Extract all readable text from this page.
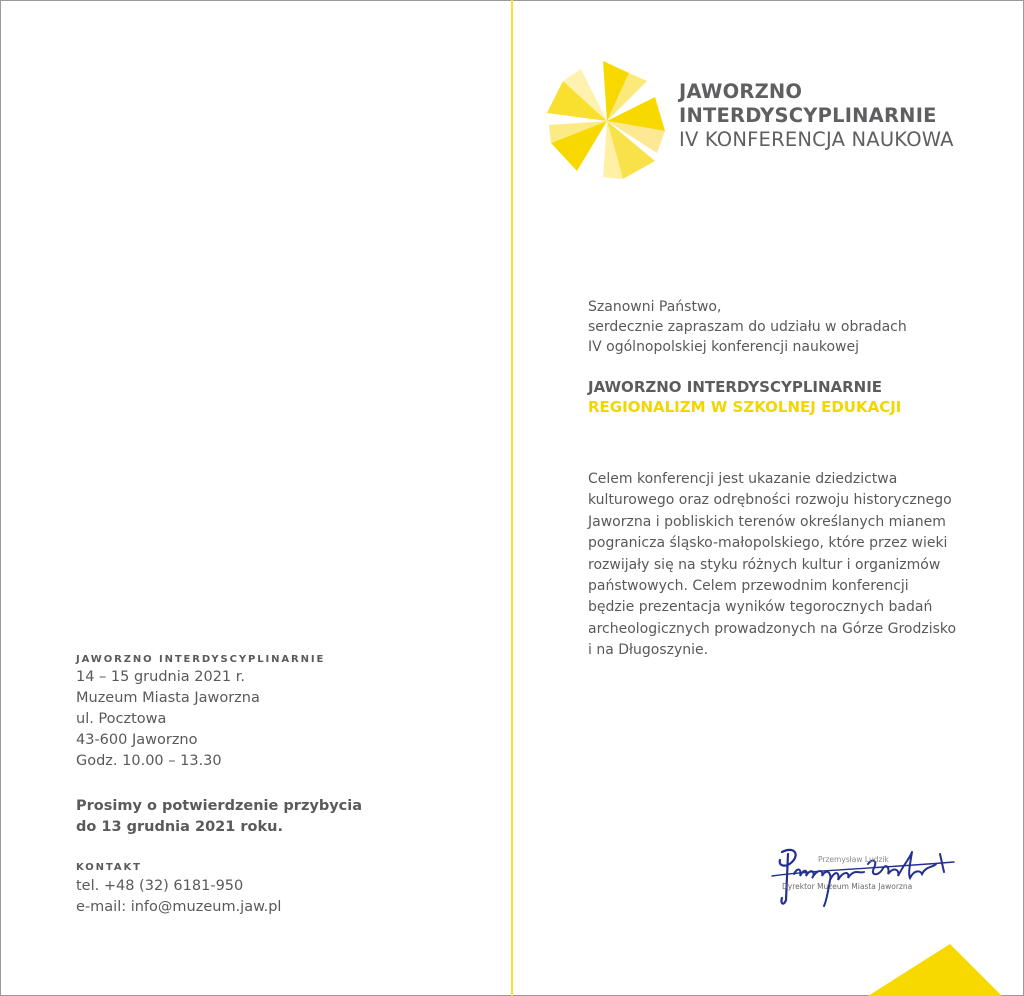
JAWORZNO
INTERDYSCYPLINARNIE
IV KONFERENCJA NAUKOWA
Szanowni Państwo,
serdecznie zapraszam do udziału w obradach
IV ogólnopolskiej konferencji naukowej
JAWORZNO INTERDYSCYPLINARNIE
REGIONALIZM W SZKOLNEJ EDUKACJI
Celem konferencji jest ukazanie dziedzictwa
kulturowego oraz odrębności rozwoju historycznego
Jaworzna i pobliskich terenów określanych mianem
pogranicza śląsko-małopolskiego, które przez wieki
rozwijały się na styku różnych kultur i organizmów
państwowych. Celem przewodnim konferencji
będzie prezentacja wyników tegorocznych badań
archeologicznych prowadzonych na Górze Grodzisko
i na Długoszynie.
Przemysław Ludzik
Dyrektor Muzeum Miasta Jaworzna
JAWORZNO INTERDYSCYPLINARNIE
14 – 15 grudnia 2021 r.
Muzeum Miasta Jaworzna
ul. Pocztowa
43-600 Jaworzno
Godz. 10.00 – 13.30
Prosimy o potwierdzenie przybycia
do 13 grudnia 2021 roku.
KONTAKT
tel. +48 (32) 6181-950
e-mail: info@muzeum.jaw.pl
